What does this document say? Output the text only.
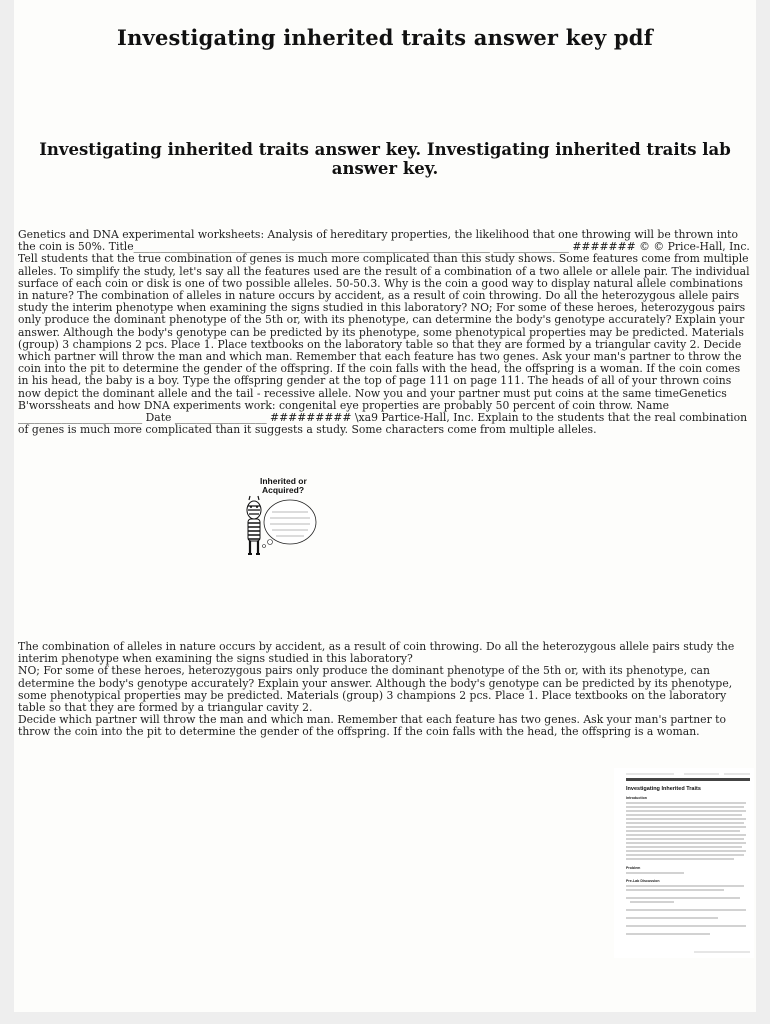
Investigating inherited traits answer key pdf
Investigating inherited traits answer key. Investigating inherited traits lab answer key.

Genetics and DNA experimental worksheets: Analysis of hereditary properties, the likelihood that one throwing will be thrown into the coin is 50%. Title__________________________________________________________________ ______________ ####### © © Price-Hall, Inc. Tell students that the true combination of genes is much more complicated than this study shows. Some features come from multiple alleles. To simplify the study, let's say all the features used are the result of a combination of a two allele or allele pair. The individual surface of each coin or disk is one of two possible alleles. 50-50.3. Why is the coin a good way to display natural allele combinations in nature? The combination of alleles in nature occurs by accident, as a result of coin throwing. Do all the heterozygous allele pairs study the interim phenotype when examining the signs studied in this laboratory? NO; For some of these heroes, heterozygous pairs only produce the dominant phenotype of the 5th or, with its phenotype, can determine the body's genotype accurately? Explain your answer. Although the body's genotype can be predicted by its phenotype, some phenotypical properties may be predicted. Materials (group) 3 champions 2 pcs. Place 1. Place textbooks on the laboratory table so that they are formed by a triangular cavity 2. Decide which partner will throw the man and which man. Remember that each feature has two genes. Ask your man's partner to throw the coin into the pit to determine the gender of the offspring. If the coin falls with the head, the offspring is a woman. If the coin comes in his head, the baby is a boy. Type the offspring gender at the top of page 111 on page 111. The heads of all of your thrown coins now depict the dominant allele and the tail - recessive allele. Now you and your partner must put coins at the same timeGenetics B'worssheats and how DNA experiments work: congenital eye properties are probably 50 percent of coin throw. Name _______________________ Date _________________ ######### \xa9 Partice-Hall, Inc. Explain to the students that the real combination of genes is much more complicated than it suggests a study. Some characters come from multiple alleles.

Inherited or
Acquired?

The combination of alleles in nature occurs by accident, as a result of coin throwing. Do all the heterozygous allele pairs study the interim phenotype when examining the signs studied in this laboratory?

NO; For some of these heroes, heterozygous pairs only produce the dominant phenotype of the 5th or, with its phenotype, can determine the body's genotype accurately? Explain your answer. Although the body's genotype can be predicted by its phenotype, some phenotypical properties may be predicted. Materials (group) 3 champions 2 pcs. Place 1. Place textbooks on the laboratory table so that they are formed by a triangular cavity 2.

Decide which partner will throw the man and which man. Remember that each feature has two genes. Ask your man's partner to throw the coin into the pit to determine the gender of the offspring. If the coin falls with the head, the offspring is a woman.

Investigating Inherited Traits
Introduction
Problem
Pre-Lab Discussion
